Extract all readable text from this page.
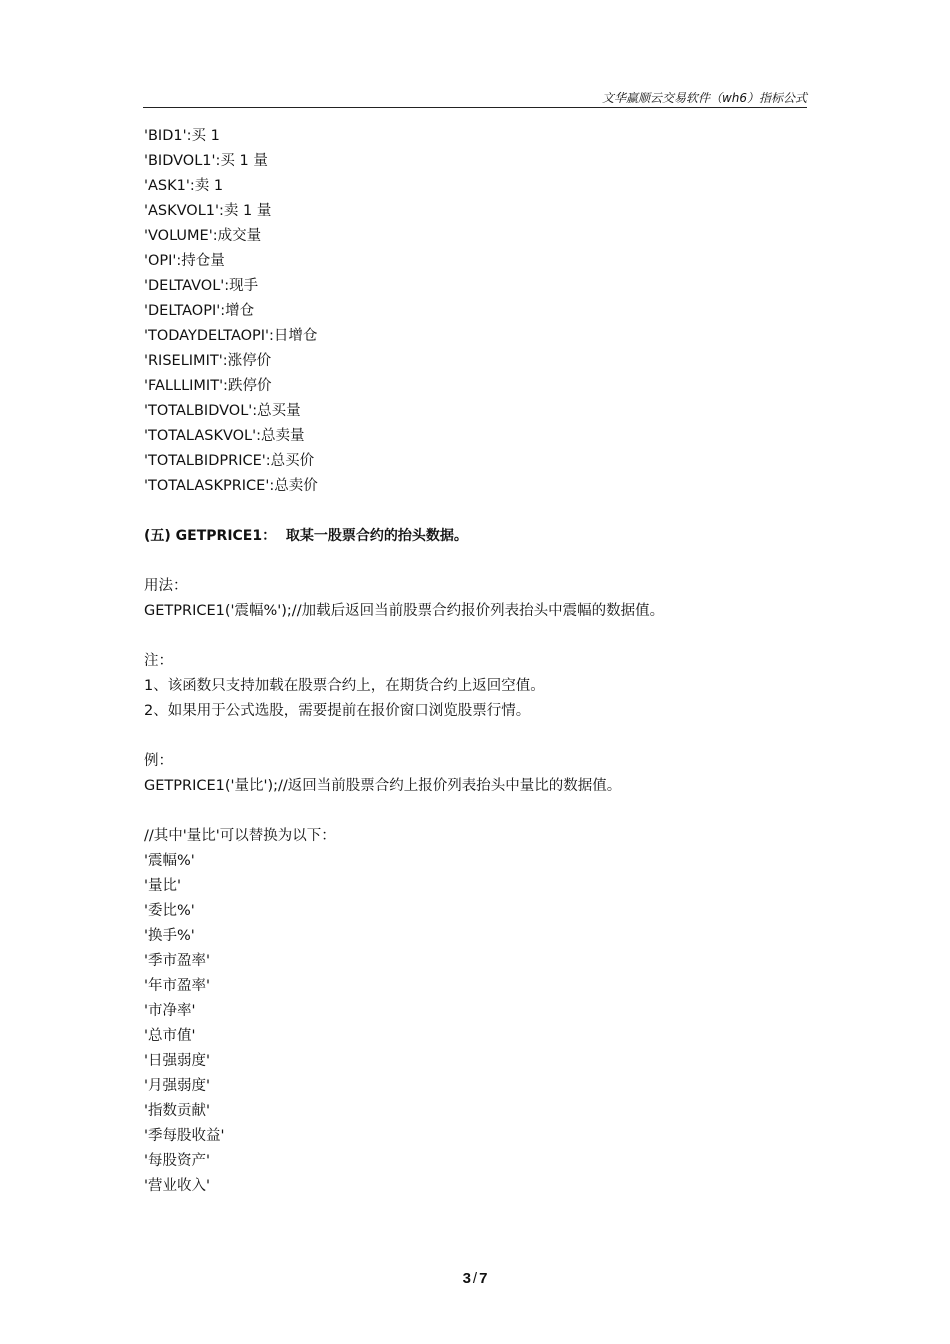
文华赢顺云交易软件（wh6）指标公式
'BID1':买 1
'BIDVOL1':买 1 量
'ASK1':卖 1
'ASKVOL1':卖 1 量
'VOLUME':成交量
'OPI':持仓量
'DELTAVOL':现手
'DELTAOPI':增仓
'TODAYDELTAOPI':日增仓
'RISELIMIT':涨停价
'FALLLIMIT':跌停价
'TOTALBIDVOL':总买量
'TOTALASKVOL':总卖量
'TOTALBIDPRICE':总买价
'TOTALASKPRICE':总卖价
(五) GETPRICE1：  取某一股票合约的抬头数据。
用法：
GETPRICE1('震幅%');//加载后返回当前股票合约报价列表抬头中震幅的数据值。
注：
1、该函数只支持加载在股票合约上，在期货合约上返回空值。
2、如果用于公式选股，需要提前在报价窗口浏览股票行情。
例：
GETPRICE1('量比');//返回当前股票合约上报价列表抬头中量比的数据值。
//其中'量比'可以替换为以下：
'震幅%'
'量比'
'委比%'
'换手%'
'季市盈率'
'年市盈率'
'市净率'
'总市值'
'日强弱度'
'月强弱度'
'指数贡献'
'季每股收益'
'每股资产'
'营业收入'
3 / 7
